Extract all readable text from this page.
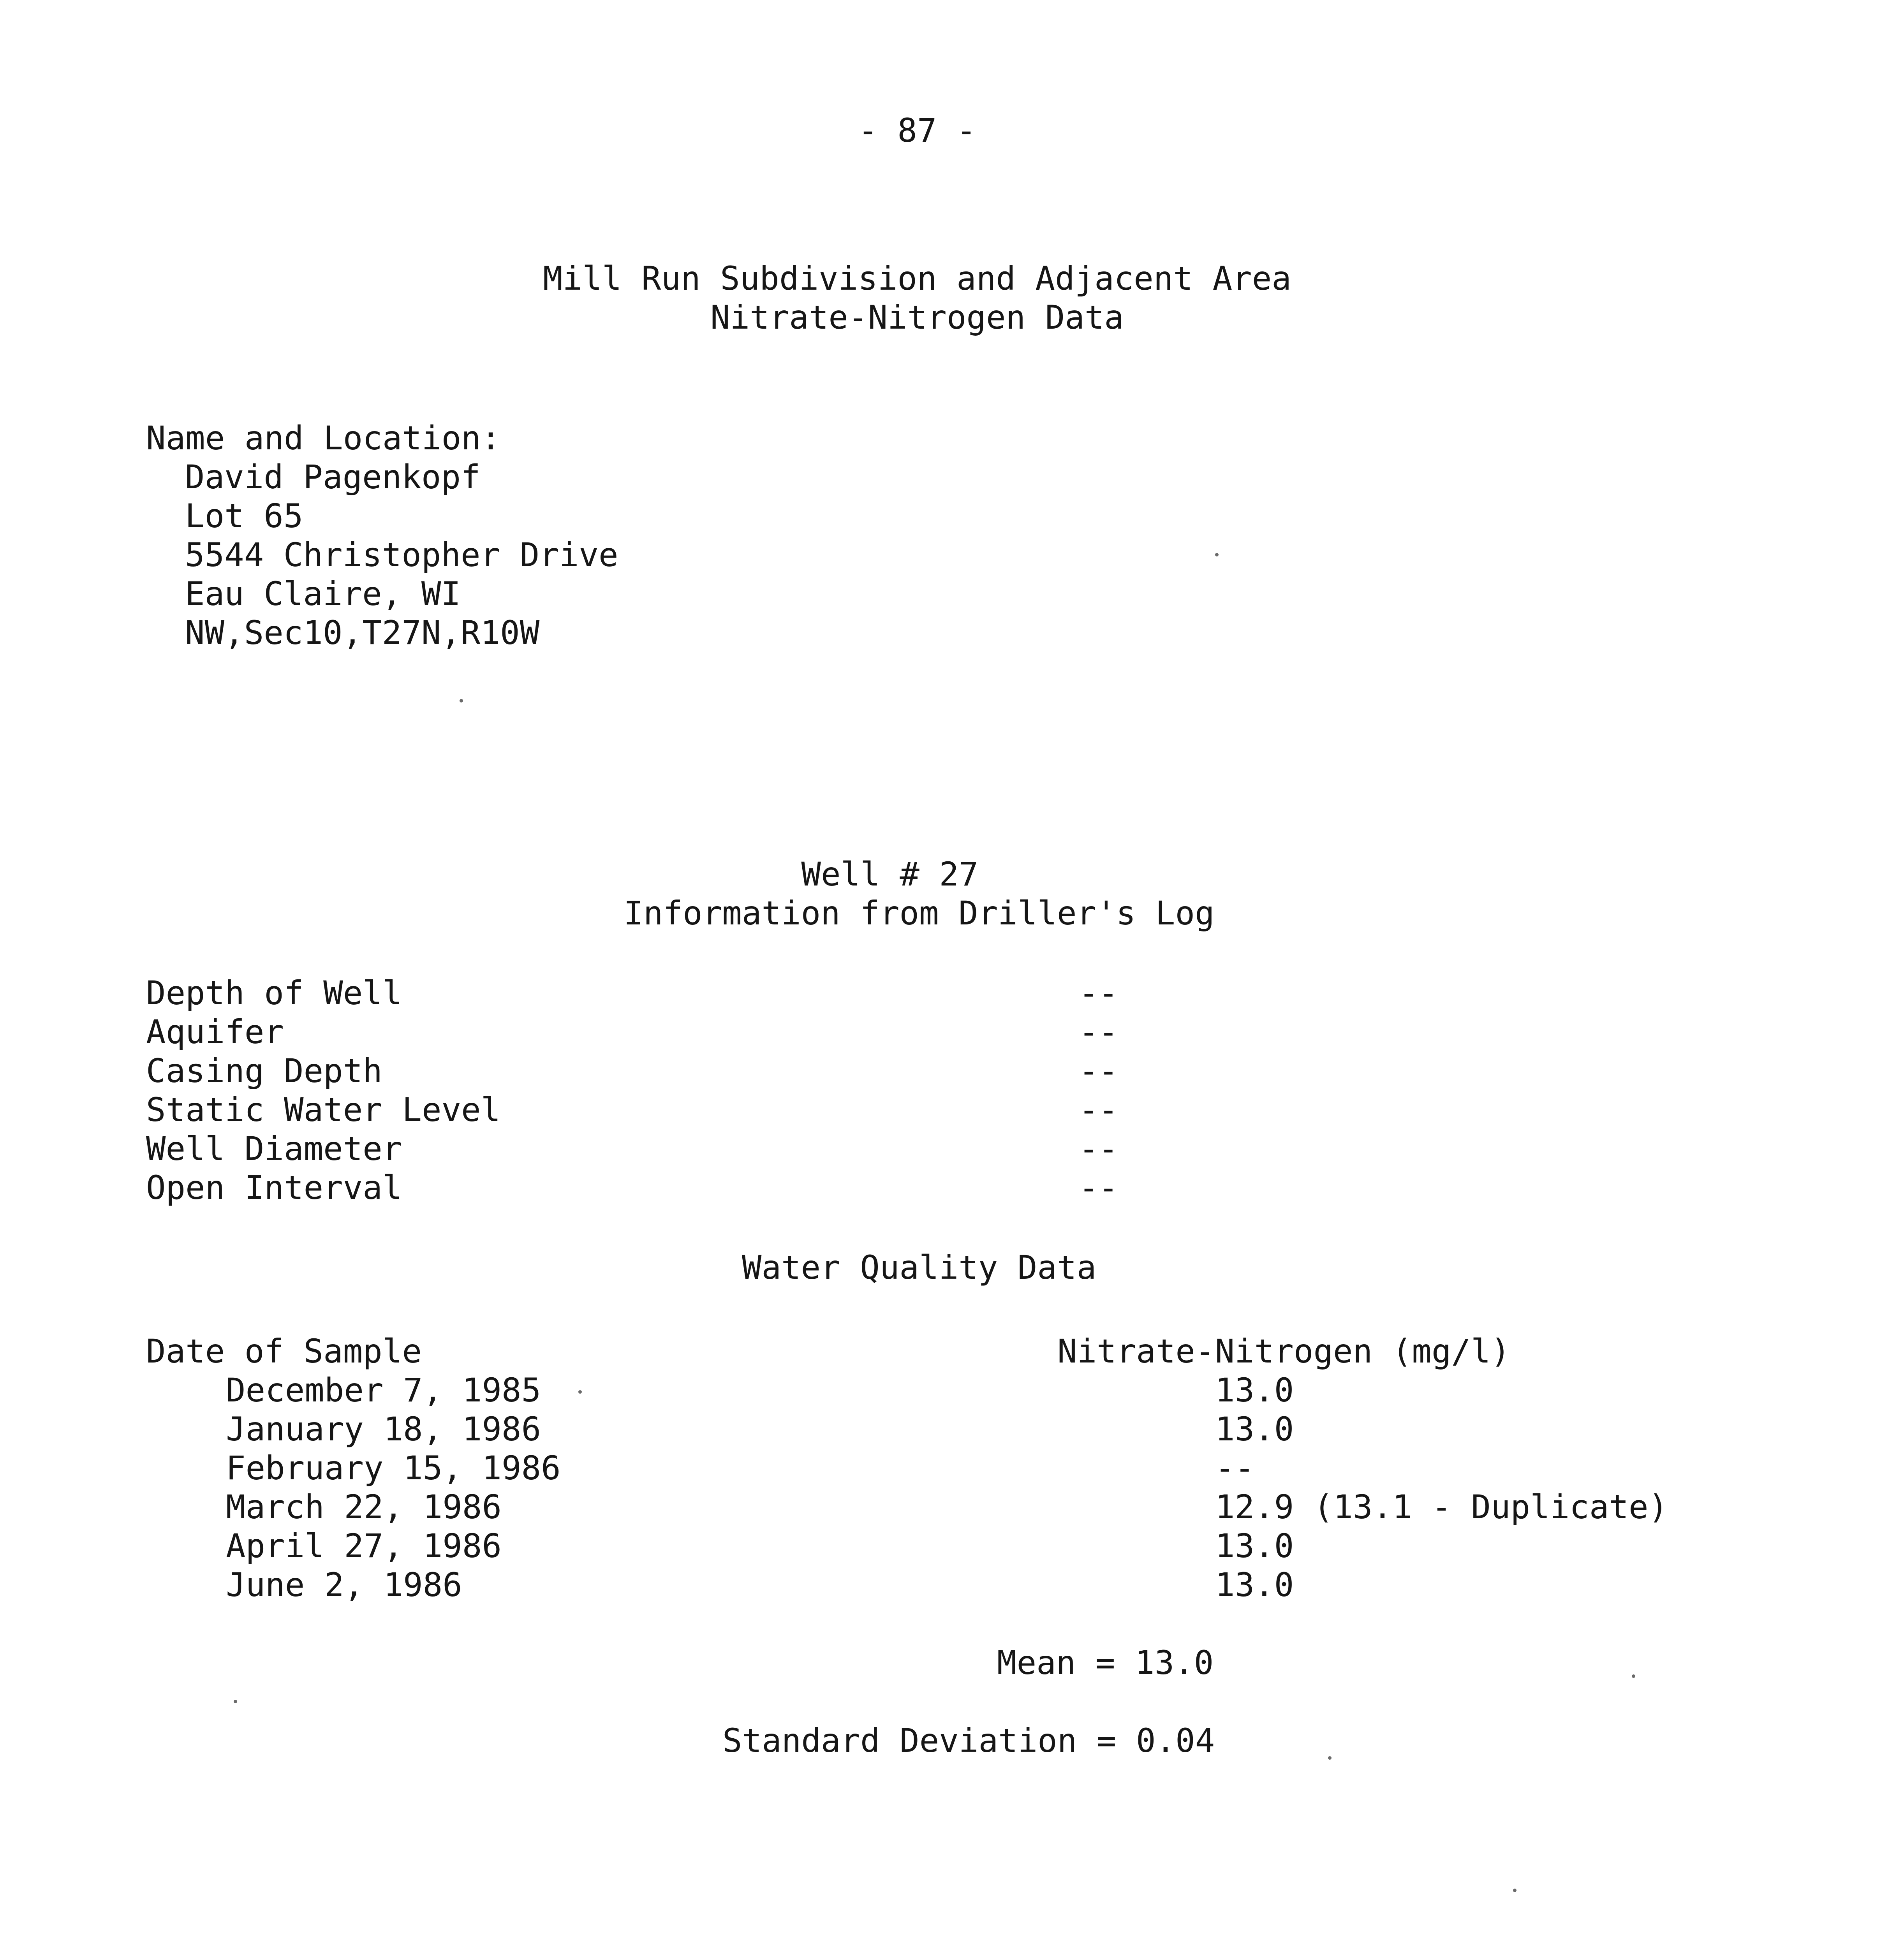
- 87 -
Mill Run Subdivision and Adjacent Area
Nitrate-Nitrogen Data
Name and Location:
David Pagenkopf
Lot 65
5544 Christopher Drive
Eau Claire, WI
NW,Sec10,T27N,R10W
Well # 27
Information from Driller's Log
Depth of Well	--
Aquifer	--
Casing Depth	--
Static Water Level	--
Well Diameter	--
Open Interval	--
Water Quality Data
Date of Sample	Nitrate-Nitrogen (mg/l)
December 7, 1985	13.0
January 18, 1986	13.0
February 15, 1986	--
March 22, 1986	12.9 (13.1 - Duplicate)
April 27, 1986	13.0
June 2, 1986	13.0
Mean = 13.0
Standard Deviation = 0.04
